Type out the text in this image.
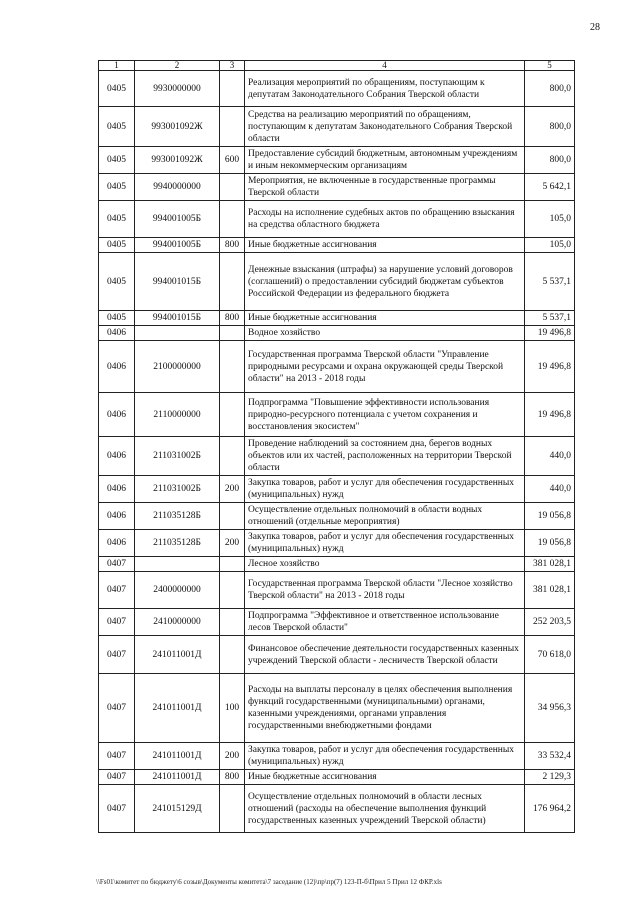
28
1	2	3	4	5
0405	9930000000		Реализация мероприятий по обращениям, поступающим к депутатам Законодательного Собрания Тверской области	800,0
0405	993001092Ж		Средства на реализацию мероприятий по обращениям, поступающим к депутатам Законодательного Собрания Тверской области	800,0
0405	993001092Ж	600	Предоставление субсидий бюджетным, автономным учреждениям и иным некоммерческим организациям	800,0
0405	9940000000		Мероприятия, не включенные в государственные программы Тверской области	5 642,1
0405	994001005Б		Расходы на исполнение судебных актов по обращению взыскания на средства областного бюджета	105,0
0405	994001005Б	800	Иные бюджетные ассигнования	105,0
0405	994001015Б		Денежные взыскания (штрафы) за нарушение условий договоров (соглашений) о предоставлении субсидий бюджетам субъектов Российской Федерации из федерального бюджета	5 537,1
0405	994001015Б	800	Иные бюджетные ассигнования	5 537,1
0406			Водное хозяйство	19 496,8
0406	2100000000		Государственная программа Тверской области "Управление природными ресурсами и охрана окружающей среды Тверской области" на 2013 - 2018 годы	19 496,8
0406	2110000000		Подпрограмма "Повышение эффективности использования природно-ресурсного потенциала с учетом сохранения и восстановления экосистем"	19 496,8
0406	211031002Б		Проведение наблюдений за состоянием дна, берегов водных объектов или их частей, расположенных на территории Тверской области	440,0
0406	211031002Б	200	Закупка товаров, работ и услуг для обеспечения государственных (муниципальных) нужд	440,0
0406	211035128Б		Осуществление отдельных полномочий в области водных отношений (отдельные мероприятия)	19 056,8
0406	211035128Б	200	Закупка товаров, работ и услуг для обеспечения государственных (муниципальных) нужд	19 056,8
0407			Лесное хозяйство	381 028,1
0407	2400000000		Государственная программа Тверской области "Лесное хозяйство Тверской области" на 2013 - 2018 годы	381 028,1
0407	2410000000		Подпрограмма "Эффективное и ответственное использование лесов Тверской области"	252 203,5
0407	241011001Д		Финансовое обеспечение деятельности государственных казенных учреждений Тверской области - лесничеств Тверской области	70 618,0
0407	241011001Д	100	Расходы на выплаты персоналу в целях обеспечения выполнения функций государственными (муниципальными) органами, казенными учреждениями, органами управления государственными внебюджетными фондами	34 956,3
0407	241011001Д	200	Закупка товаров, работ и услуг для обеспечения государственных (муниципальных) нужд	33 532,4
0407	241011001Д	800	Иные бюджетные ассигнования	2 129,3
0407	241015129Д		Осуществление отдельных полномочий в области лесных отношений (расходы на обеспечение выполнения функций государственных казенных учреждений Тверской области)	176 964,2
\\Fs01\комитет по бюджету\6 созыв\Документы комитета\7 заседание (12)\пр\пр(7) 123-П-б\Прил 5 Прил 12 ФКР.xls
